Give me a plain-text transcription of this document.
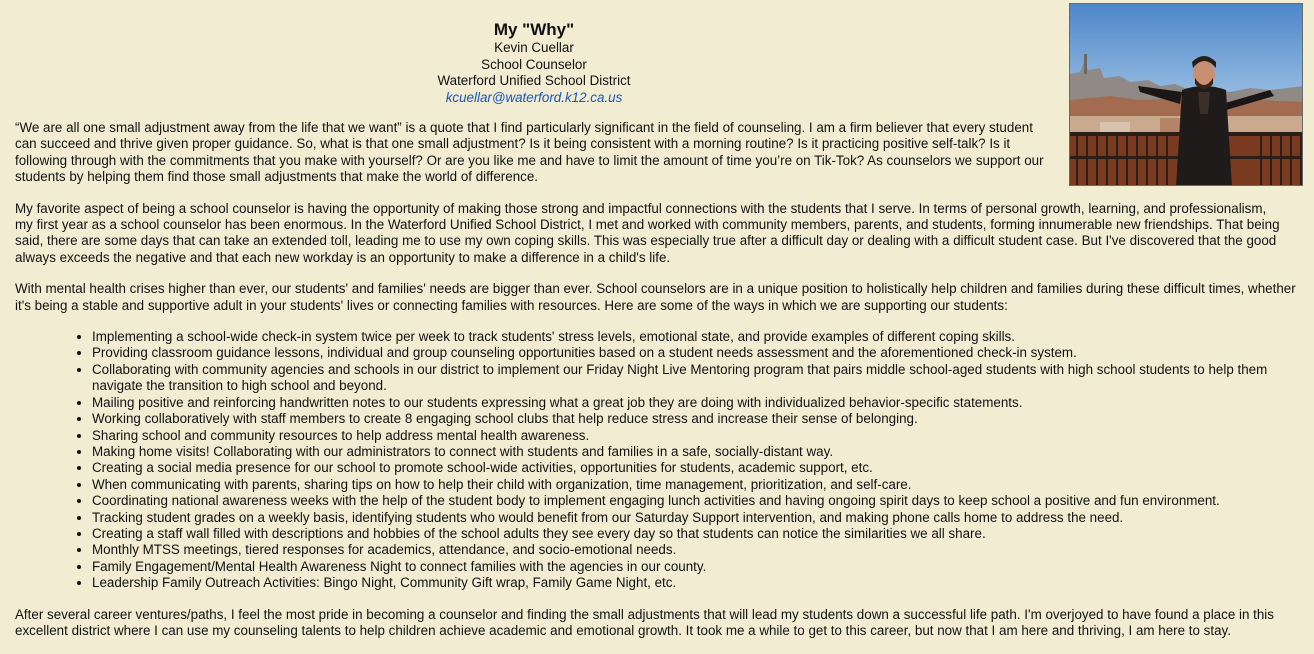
My "Why"
Kevin Cuellar
School Counselor
Waterford Unified School District
kcuellar@waterford.k12.ca.us

“We are all one small adjustment away from the life that we want” is a quote that I find particularly significant in the field of counseling. I am a firm believer that every student can succeed and thrive given proper guidance. So, what is that one small adjustment? Is it being consistent with a morning routine? Is it practicing positive self-talk? Is it following through with the commitments that you make with yourself? Or are you like me and have to limit the amount of time you’re on Tik-Tok? As counselors we support our students by helping them find those small adjustments that make the world of difference.

My favorite aspect of being a school counselor is having the opportunity of making those strong and impactful connections with the students that I serve. In terms of personal growth, learning, and professionalism, my first year as a school counselor has been enormous. In the Waterford Unified School District, I met and worked with community members, parents, and students, forming innumerable new friendships. That being said, there are some days that can take an extended toll, leading me to use my own coping skills. This was especially true after a difficult day or dealing with a difficult student case. But I've discovered that the good always exceeds the negative and that each new workday is an opportunity to make a difference in a child's life.

With mental health crises higher than ever, our students' and families' needs are bigger than ever. School counselors are in a unique position to holistically help children and families during these difficult times, whether it's being a stable and supportive adult in your students' lives or connecting families with resources. Here are some of the ways in which we are supporting our students:

• Implementing a school-wide check-in system twice per week to track students' stress levels, emotional state, and provide examples of different coping skills.
• Providing classroom guidance lessons, individual and group counseling opportunities based on a student needs assessment and the aforementioned check-in system.
• Collaborating with community agencies and schools in our district to implement our Friday Night Live Mentoring program that pairs middle school-aged students with high school students to help them navigate the transition to high school and beyond.
• Mailing positive and reinforcing handwritten notes to our students expressing what a great job they are doing with individualized behavior-specific statements.
• Working collaboratively with staff members to create 8 engaging school clubs that help reduce stress and increase their sense of belonging.
• Sharing school and community resources to help address mental health awareness.
• Making home visits! Collaborating with our administrators to connect with students and families in a safe, socially-distant way.
• Creating a social media presence for our school to promote school-wide activities, opportunities for students, academic support, etc.
• When communicating with parents, sharing tips on how to help their child with organization, time management, prioritization, and self-care.
• Coordinating national awareness weeks with the help of the student body to implement engaging lunch activities and having ongoing spirit days to keep school a positive and fun environment.
• Tracking student grades on a weekly basis, identifying students who would benefit from our Saturday Support intervention, and making phone calls home to address the need.
• Creating a staff wall filled with descriptions and hobbies of the school adults they see every day so that students can notice the similarities we all share.
• Monthly MTSS meetings, tiered responses for academics, attendance, and socio-emotional needs.
• Family Engagement/Mental Health Awareness Night to connect families with the agencies in our county.
• Leadership Family Outreach Activities: Bingo Night, Community Gift wrap, Family Game Night, etc.

After several career ventures/paths, I feel the most pride in becoming a counselor and finding the small adjustments that will lead my students down a successful life path. I'm overjoyed to have found a place in this excellent district where I can use my counseling talents to help children achieve academic and emotional growth. It took me a while to get to this career, but now that I am here and thriving, I am here to stay.
